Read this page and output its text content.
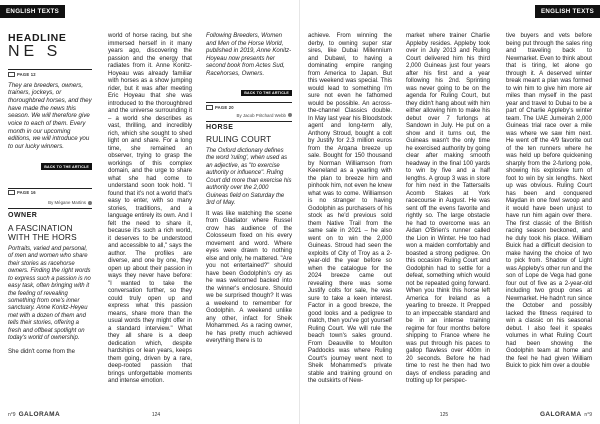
ENGLISH TEXTS
HEADLINE
NE S
PAGE 12
They are breeders, owners, trainers, jockeys, or thoroughbred horses, and they have made the news this season. We will therefore give voice to each of them. Every month in our upcoming editions, we will introduce you to our lucky winners.
BACK TO THE ARTICLE
PAGE 16
By Mégane Martins
OWNER
A FASCINATION WITH THE HORS
Portraits, varied and personal, of men and women who share their stories as racehorse owners. Finding the right words to express such a passion is no easy task, often bringing with it the feeling of revealing something from one's inner sanctuary. Anne Konitz-Heyeu met with a dozen of them and tells their stories, offering a fresh and offbeat spotlight on today's world of ownership.
She didn't come from the

world of horse racing, but she immersed herself in it many years ago, discovering the passion and the energy that radiates from it. Anne Konitz-Hoyeau was already familiar with horses as a show jumping rider, but it was after meeting Eric Hoyeau that she was introduced to the thoroughbred and the universe surrounding it – a world she describes as vast, thrilling, and incredibly rich, which she sought to shed light on and share. For a long time, she remained an observer, trying to grasp the workings of this complex domain, and the urge to share what she had come to understand soon took hold. "I found that it's not a world that's easy to enter, with so many stories, traditions, and a language entirely its own. And I felt the need to share it, because it's such a rich world, it deserves to be understood and accessible to all," says the author. The profiles are diverse, and one by one, they open up about their passion in ways they never have before: "I wanted to take the conversation further, so they could truly open up and express what this passion means, share more than the usual words they might offer in a standard interview." What they all share is a deep dedication which, despite hardships or lean years, keeps them going, driven by a rare, deep-rooted passion that brings unforgettable moments and intense emotion.

Following Breeders, Women and Men of the Horse World, published in 2019, Anne Konitz-Hoyeau now presents her second book from Actes Sud, Racehorses, Owners.
BACK TO THE ARTICLE
PAGE 20
By Jacob Pritchard Webb
HORSE
RULING COURT
The Oxford dictionary defines the word 'ruling', when used as an adjective, as "to exercise authority or influence". Ruling Court did more than exercise his authority over the 2,000 Guineas field on Saturday the 3rd of May.
It was like watching the scene from Gladiator where Russel crow has audience of the Colosseum fixed on his every movement and word. Where eyes were drawn to nothing else and only, he mattered. "Are you not entertained?" should have been Godolphin's cry as he was welcomed backed into the winner's enclosure. Should we be surprised though? It was a weekend to remember for Godolphin. A weekend unlike any other, infact for Sheik Mohammed. As a racing owner, he has pretty much achieved everything there is to
n°9 GALORAMA	124
ENGLISH TEXTS

achieve. From winning the derby, to owning super star sires, like Dubai Millennium and Dubawi, to having a dominating empire ranging from America to Japan. But this weekend was special. This would lead to something I'm sure not even he fathomed would be possible. An across-the-channel Classics double. In May last year his Bloodstock agent and long-term ally, Anthony Stroud, bought a colt by Justify for 2.3 million euros from the Arqana breeze up sale. Bought for 150 thousand by Norman Williamson from Keeneland as a yearling with the plan to breeze him and pinhook him, not even he knew what was to come. Williamson is no stranger to having Godolphin as purchasers of his stock as he'd previous sold them Native Trail from the same sale in 2021 – he also went on to win the 2,000 Guineas. Stroud had seen the exploits of City of Troy as a 2-year-old the year before so when the catalogue for the 2024 breeze came out revealing there was some Justify colts for sale, he was sure to take a keen interest. Factor in a good breeze, the good looks and a pedigree to match, then you've got yourself Ruling Court. We will rule the beach town's sales ground. From Deauville to Moulton Paddocks was where Ruling Court's journey went next to Sheik Mohammed's private stable and training ground on the outskirts of New-

market where trainer Charlie Appleby resides. Appleby took over in July 2013 and Ruling Court delivered him his third 2,000 Guineas just four years after his first and a year following his 2nd. Sprinting was never going to be on the agenda for Ruling Court, but they didn't hang about with him either allowing him to make his debut over 7 furlongs at Sandown in July. He put on a show and it turns out, the Guineas wasn't the only time he exercised authority by going clear after making smooth headway in the final 100 yards to win by five and a half lengths. A group 3 was in store for him next in the Tattersalls Acomb Stakes at York racecourse in August. He was sent off the evens favorite and rightly so. The large obstacle he had to overcome was an Aidan O'Brien's runner called the Lion in Winter. He too had won a maiden comfortably and boasted a strong pedigree. On this occasion Ruling Court and Godolphin had to settle for a defeat, something which would not be repeated going forward. When you think this horse left America for Ireland as a yearling to breeze. It Prepped to an impeccable standard and be in an intense training regime for four months before shipping to France where he was put through his paces to gallop flawless over 400m in 20 seconds. Before he had time to rest he then had two days of endless parading and trotting up for perspec-

tive buyers and vets before being put through the sales ring and traveling back to Newmarket. Even to think about that is tiring, let alone go through it. A deserved winter break meant a plan was formed to win him to give him more air miles than myself in the past year and travel to Dubai to be a part of Charlie Appleby's winter team. The UAE Jumeirah 2,000 Guineas trial race over a mile was where we saw him next. He went off the 4/9 favorite out of the ten runners where he was held up before quickening sharply from the 2-furlong pole, showing his explosive turn of foot to win by six lengths. Next up was obvious. Ruling Court has been and conquered Maydan in one fowl swoop and it would have been unjust to have run him again over there. The first classic of the British racing season beckoned, and he duly took his place. William Buick had a difficult decision to make having the choice of two to pick from. Shadow of Light was Appleby's other run and the son of Lope de Vega had gone four out of five as a 2-year-old including two group ones at Newmarket. He hadn't run since the October and possibly lacked the fitness required to win a classic on his seasonal debut. I also feel it speaks volumes in what Ruling Court had been showing the Godolphin team at home and the feel he had given William Buick to pick him over a double

125	GALORAMA n°9
